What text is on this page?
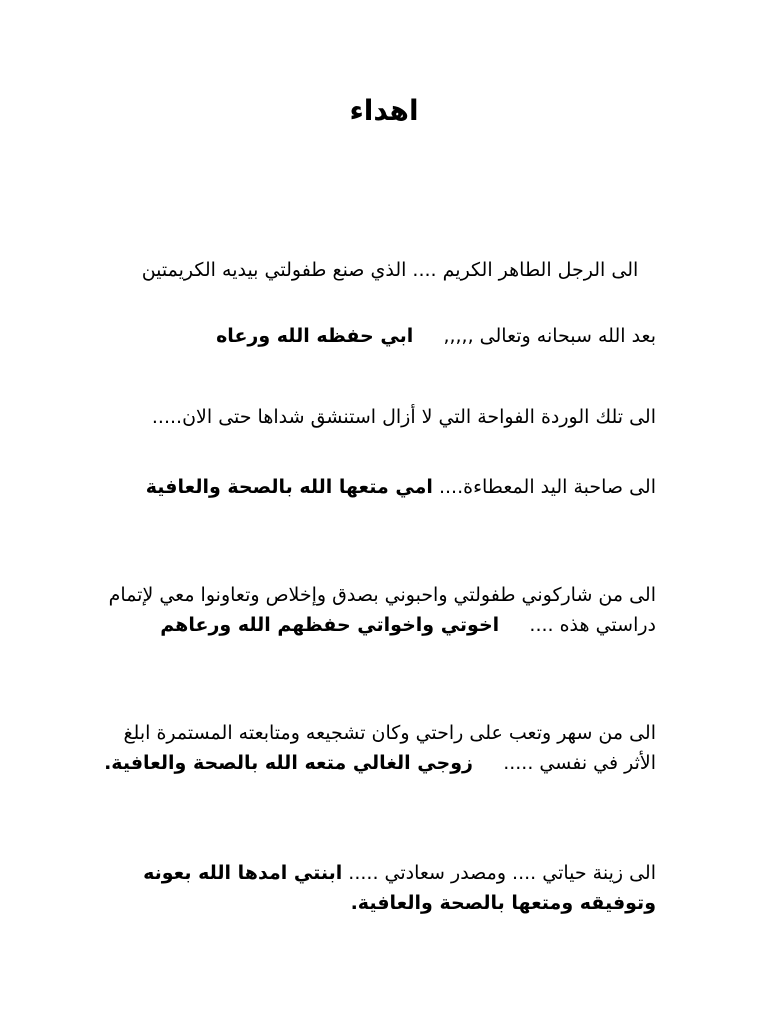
اهداء

الى الرجل الطاهر الكريم .... الذي صنع طفولتي بيديه الكريمتين

بعد الله سبحانه وتعالى ,,,,,     ابي حفظه الله ورعاه

الى تلك الوردة الفواحة التي لا أزال استنشق شداها حتى الان.....

الى صاحبة اليد المعطاءة.... امي متعها الله بالصحة والعافية

الى من شاركوني طفولتي واحبوني بصدق وإخلاص وتعاونوا معي لإتمام دراستي هذه ....     اخوتي واخواتي حفظهم الله ورعاهم

الى من سهر وتعب على راحتي وكان تشجيعه ومتابعته المستمرة ابلغ الأثر في نفسي .....     زوجي الغالي متعه الله بالصحة والعافية.

الى زينة حياتي .... ومصدر سعادتي ..... ابنتي امدها الله بعونه وتوفيقه ومتعها بالصحة والعافية.
